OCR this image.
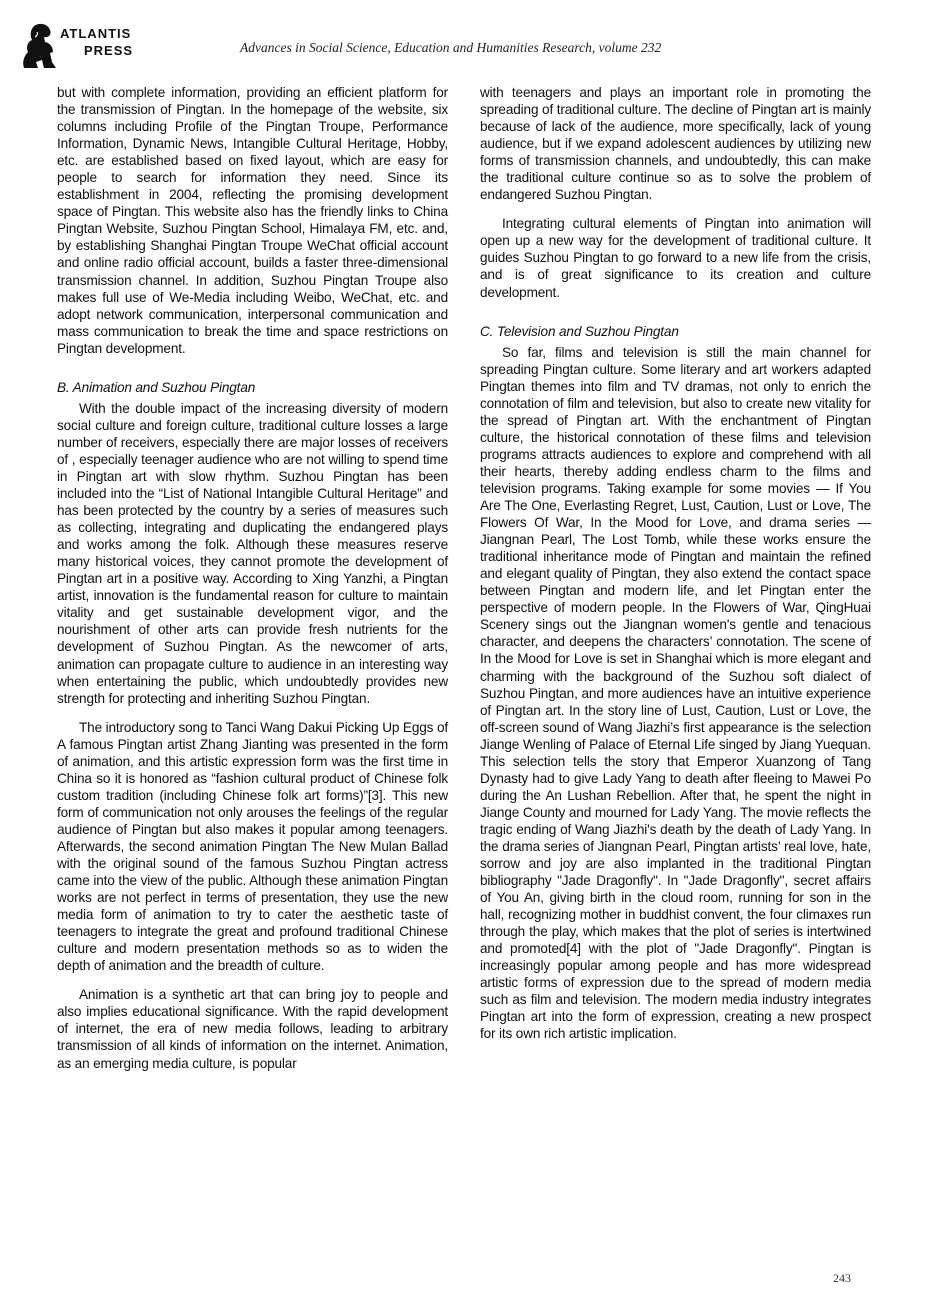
ATLANTIS
PRESS	Advances in Social Science, Education and Humanities Research, volume 232

but with complete information, providing an efficient platform for the transmission of Pingtan. In the homepage of the website, six columns including Profile of the Pingtan Troupe, Performance Information, Dynamic News, Intangible Cultural Heritage, Hobby, etc. are established based on fixed layout, which are easy for people to search for information they need. Since its establishment in 2004, reflecting the promising development space of Pingtan. This website also has the friendly links to China Pingtan Website, Suzhou Pingtan School, Himalaya FM, etc. and, by establishing Shanghai Pingtan Troupe WeChat official account and online radio official account, builds a faster three-dimensional transmission channel. In addition, Suzhou Pingtan Troupe also makes full use of We-Media including Weibo, WeChat, etc. and adopt network communication, interpersonal communication and mass communication to break the time and space restrictions on Pingtan development.

B. Animation and Suzhou Pingtan

With the double impact of the increasing diversity of modern social culture and foreign culture, traditional culture losses a large number of receivers, especially there are major losses of receivers of , especially teenager audience who are not willing to spend time in Pingtan art with slow rhythm. Suzhou Pingtan has been included into the “List of National Intangible Cultural Heritage” and has been protected by the country by a series of measures such as collecting, integrating and duplicating the endangered plays and works among the folk. Although these measures reserve many historical voices, they cannot promote the development of Pingtan art in a positive way. According to Xing Yanzhi, a Pingtan artist, innovation is the fundamental reason for culture to maintain vitality and get sustainable development vigor, and the nourishment of other arts can provide fresh nutrients for the development of Suzhou Pingtan. As the newcomer of arts, animation can propagate culture to audience in an interesting way when entertaining the public, which undoubtedly provides new strength for protecting and inheriting Suzhou Pingtan.

The introductory song to Tanci Wang Dakui Picking Up Eggs of A famous Pingtan artist Zhang Jianting was presented in the form of animation, and this artistic expression form was the first time in China so it is honored as “fashion cultural product of Chinese folk custom tradition (including Chinese folk art forms)”[3]. This new form of communication not only arouses the feelings of the regular audience of Pingtan but also makes it popular among teenagers. Afterwards, the second animation Pingtan The New Mulan Ballad with the original sound of the famous Suzhou Pingtan actress came into the view of the public. Although these animation Pingtan works are not perfect in terms of presentation, they use the new media form of animation to try to cater the aesthetic taste of teenagers to integrate the great and profound traditional Chinese culture and modern presentation methods so as to widen the depth of animation and the breadth of culture.

Animation is a synthetic art that can bring joy to people and also implies educational significance. With the rapid development of internet, the era of new media follows, leading to arbitrary transmission of all kinds of information on the internet. Animation, as an emerging media culture, is popular

with teenagers and plays an important role in promoting the spreading of traditional culture. The decline of Pingtan art is mainly because of lack of the audience, more specifically, lack of young audience, but if we expand adolescent audiences by utilizing new forms of transmission channels, and undoubtedly, this can make the traditional culture continue so as to solve the problem of endangered Suzhou Pingtan.

Integrating cultural elements of Pingtan into animation will open up a new way for the development of traditional culture. It guides Suzhou Pingtan to go forward to a new life from the crisis, and is of great significance to its creation and culture development.

C. Television and Suzhou Pingtan

So far, films and television is still the main channel for spreading Pingtan culture. Some literary and art workers adapted Pingtan themes into film and TV dramas, not only to enrich the connotation of film and television, but also to create new vitality for the spread of Pingtan art. With the enchantment of Pingtan culture, the historical connotation of these films and television programs attracts audiences to explore and comprehend with all their hearts, thereby adding endless charm to the films and television programs. Taking example for some movies — If You Are The One, Everlasting Regret, Lust, Caution, Lust or Love, The Flowers Of War, In the Mood for Love, and drama series — Jiangnan Pearl, The Lost Tomb, while these works ensure the traditional inheritance mode of Pingtan and maintain the refined and elegant quality of Pingtan, they also extend the contact space between Pingtan and modern life, and let Pingtan enter the perspective of modern people. In the Flowers of War, QingHuai Scenery sings out the Jiangnan women's gentle and tenacious character, and deepens the characters’ connotation. The scene of In the Mood for Love is set in Shanghai which is more elegant and charming with the background of the Suzhou soft dialect of Suzhou Pingtan, and more audiences have an intuitive experience of Pingtan art. In the story line of Lust, Caution, Lust or Love, the off-screen sound of Wang Jiazhi’s first appearance is the selection Jiange Wenling of Palace of Eternal Life singed by Jiang Yuequan. This selection tells the story that Emperor Xuanzong of Tang Dynasty had to give Lady Yang to death after fleeing to Mawei Po during the An Lushan Rebellion. After that, he spent the night in Jiange County and mourned for Lady Yang. The movie reflects the tragic ending of Wang Jiazhi's death by the death of Lady Yang. In the drama series of Jiangnan Pearl, Pingtan artists’ real love, hate, sorrow and joy are also implanted in the traditional Pingtan bibliography "Jade Dragonfly". In "Jade Dragonfly", secret affairs of You An, giving birth in the cloud room, running for son in the hall, recognizing mother in buddhist convent, the four climaxes run through the play, which makes that the plot of series is intertwined and promoted[4] with the plot of "Jade Dragonfly". Pingtan is increasingly popular among people and has more widespread artistic forms of expression due to the spread of modern media such as film and television. The modern media industry integrates Pingtan art into the form of expression, creating a new prospect for its own rich artistic implication.

243
